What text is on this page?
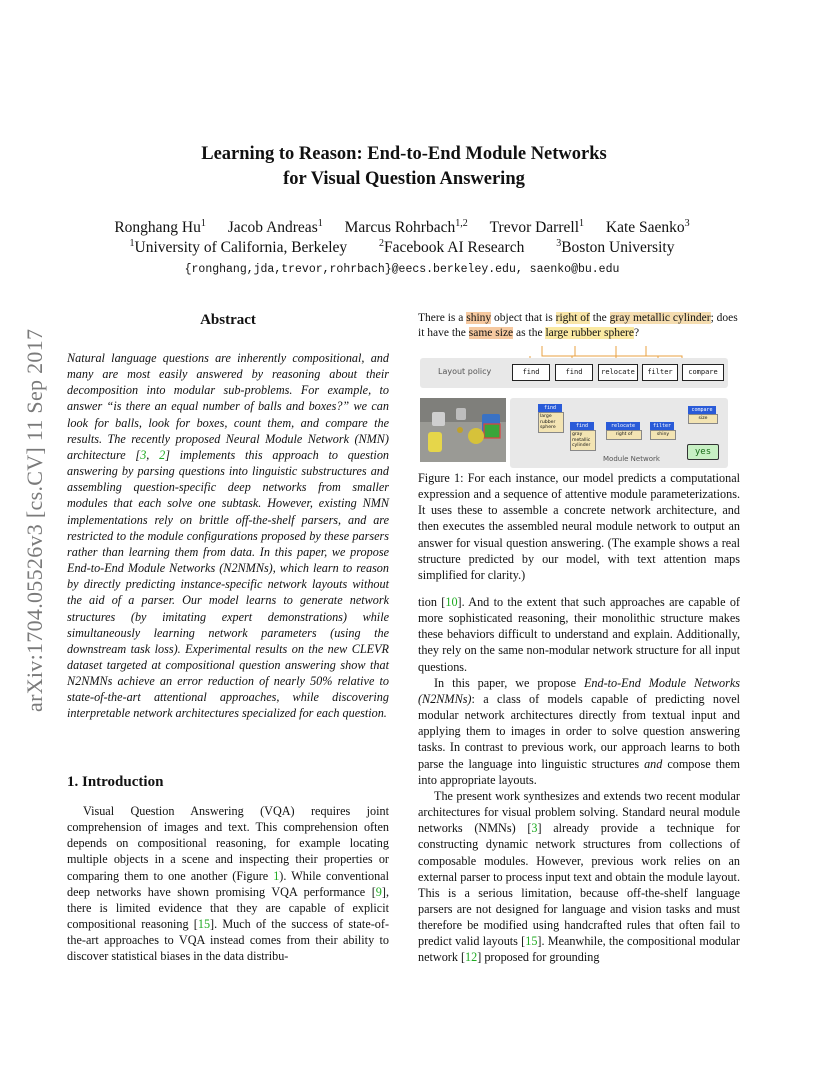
arXiv:1704.05526v3 [cs.CV] 11 Sep 2017
Learning to Reason: End-to-End Module Networks
for Visual Question Answering
Ronghang Hu$^1$ Jacob Andreas$^1$ Marcus Rohrbach$^{1,2}$ Trevor Darrell$^1$ Kate Saenko$^3$
$^1$University of California, Berkeley	$^2$Facebook AI Research	$^3$Boston University
{ronghang,jda,trevor,rohrbach}@eecs.berkeley.edu, saenko@bu.edu
Abstract
Natural language questions are inherently compositional, and many are most easily answered by reasoning about their decomposition into modular sub-problems. For example, to answer “is there an equal number of balls and boxes?” we can look for balls, look for boxes, count them, and compare the results. The recently proposed Neural Module Network (NMN) architecture [3, 2] implements this approach to question answering by parsing questions into linguistic substructures and assembling question-specific deep networks from smaller modules that each solve one subtask. However, existing NMN implementations rely on brittle off-the-shelf parsers, and are restricted to the module configurations proposed by these parsers rather than learning them from data. In this paper, we propose End-to-End Module Networks (N2NMNs), which learn to reason by directly predicting instance-specific network layouts without the aid of a parser. Our model learns to generate network structures (by imitating expert demonstrations) while simultaneously learning network parameters (using the downstream task loss). Experimental results on the new CLEVR dataset targeted at compositional question answering show that N2NMNs achieve an error reduction of nearly 50% relative to state-of-the-art attentional approaches, while discovering interpretable network architectures specialized for each question.
1. Introduction
Visual Question Answering (VQA) requires joint comprehension of images and text. This comprehension often depends on compositional reasoning, for example locating multiple objects in a scene and inspecting their properties or comparing them to one another (Figure 1). While conventional deep networks have shown promising VQA performance [9], there is limited evidence that they are capable of explicit compositional reasoning [15]. Much of the success of state-of-the-art approaches to VQA instead comes from their ability to discover statistical biases in the data distribu-
There is a shiny object that is right of the gray metallic cylinder; does it have the same size as the large rubber sphere?
Layout policy	find	find	relocate	filter	compare
Module Network
find
large rubber sphere	find
gray metallic cylinder
relocate
right of
filter
shiny
compare
size
yes
Figure 1: For each instance, our model predicts a computational expression and a sequence of attentive module parameterizations. It uses these to assemble a concrete network architecture, and then executes the assembled neural module network to output an answer for visual question answering. (The example shows a real structure predicted by our model, with text attention maps simplified for clarity.)

tion [10]. And to the extent that such approaches are capable of more sophisticated reasoning, their monolithic structure makes these behaviors difficult to understand and explain. Additionally, they rely on the same non-modular network structure for all input questions.

In this paper, we propose End-to-End Module Networks (N2NMNs): a class of models capable of predicting novel modular network architectures directly from textual input and applying them to images in order to solve question answering tasks. In contrast to previous work, our approach learns to both parse the language into linguistic structures and compose them into appropriate layouts.

The present work synthesizes and extends two recent modular architectures for visual problem solving. Standard neural module networks (NMNs) [3] already provide a technique for constructing dynamic network structures from collections of composable modules. However, previous work relies on an external parser to process input text and obtain the module layout. This is a serious limitation, because off-the-shelf language parsers are not designed for language and vision tasks and must therefore be modified using handcrafted rules that often fail to predict valid layouts [15]. Meanwhile, the compositional modular network [12] proposed for grounding
